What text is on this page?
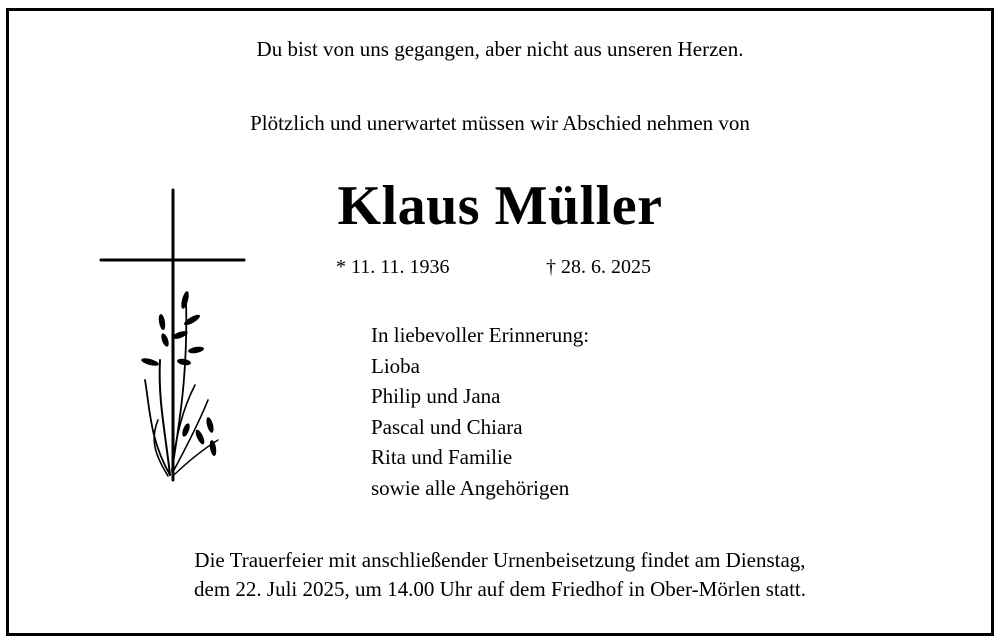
Du bist von uns gegangen, aber nicht aus unseren Herzen.
Plötzlich und unerwartet müssen wir Abschied nehmen von
Klaus Müller
* 11. 11. 1936	† 28. 6. 2025
In liebevoller Erinnerung:
Lioba
Philip und Jana
Pascal und Chiara
Rita und Familie
sowie alle Angehörigen
Die Trauerfeier mit anschließender Urnenbeisetzung findet am Dienstag,
dem 22. Juli 2025, um 14.00 Uhr auf dem Friedhof in Ober-Mörlen statt.
